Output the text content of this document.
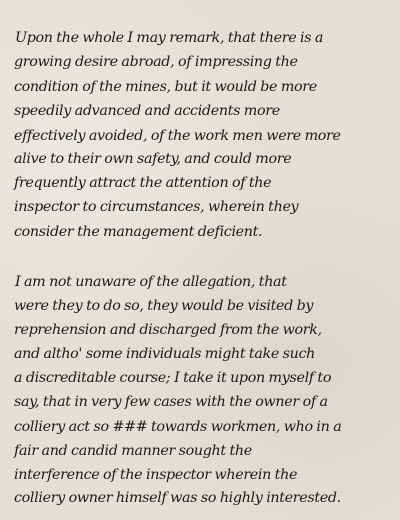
Upon the whole I may remark, that there is a
growing desire abroad, of impressing the
condition of the mines, but it would be more
speedily advanced and accidents more
effectively avoided, of the work men were more
alive to their own safety, and could more
frequently attract the attention of the
inspector to circumstances, wherein they
consider the management deficient.
I am not unaware of the allegation, that
were they to do so, they would be visited by
reprehension and discharged from the work,
and altho' some individuals might take such
a discreditable course; I take it upon myself to
say, that in very few cases with the owner of a
colliery act so ### towards workmen, who in a
fair and candid manner sought the
interference of the inspector wherein the
colliery owner himself was so highly interested.
